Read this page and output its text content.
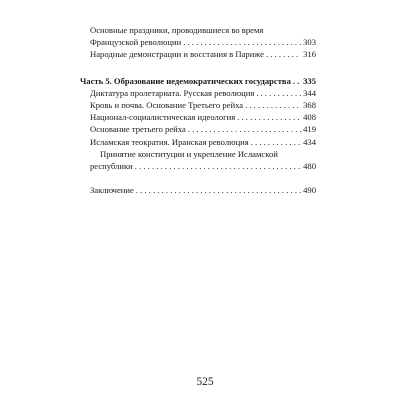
Основные праздники, проводившиеся во время
Французской революции . . .	303
Народные демонстрации и восстания в Париже . . .	316
Часть 5. Образование недемократических государства . . . 335
Диктатура пролетариата. Русская революция . . .	344
Кровь и почва. Основание Третьего рейха . . .	368
Национал-социалистическая идеология . . .	408
Основание третьего рейха . . .	419
Исламская теократия. Иранская революция . . .	434
Принятие конституции и укрепление Исламской
республики . . .	480
Заключение . . .	490
525
